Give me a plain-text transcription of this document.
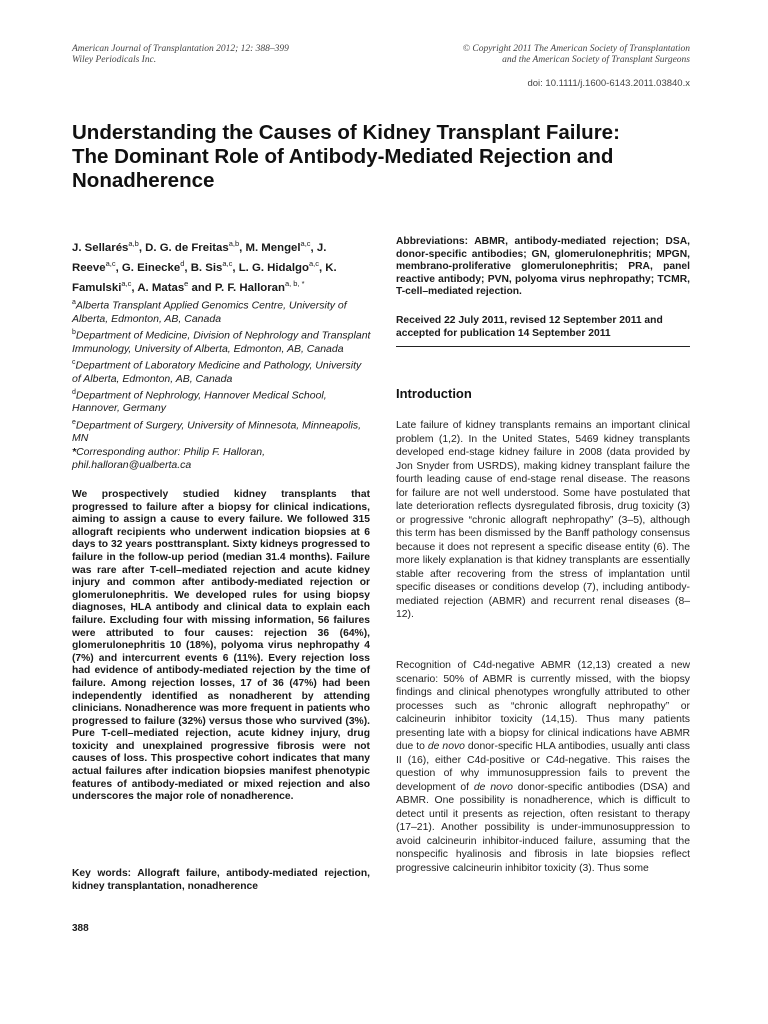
American Journal of Transplantation 2012; 12: 388–399
Wiley Periodicals Inc.
© Copyright 2011 The American Society of Transplantation
and the American Society of Transplant Surgeons
doi: 10.1111/j.1600-6143.2011.03840.x
Understanding the Causes of Kidney Transplant Failure: The Dominant Role of Antibody-Mediated Rejection and Nonadherence
J. Sellarés$^{a,b}$, D. G. de Freitas$^{a,b}$, M. Mengel$^{a,c}$, J. Reeve$^{a,c}$, G. Einecke$^d$, B. Sis$^{a,c}$, L. G. Hidalgo$^{a,c}$, K. Famulski$^{a,c}$, A. Matas$^e$ and P. F. Halloran$^{a, b, *}$

$^a$Alberta Transplant Applied Genomics Centre, University of Alberta, Edmonton, AB, Canada

$^b$Department of Medicine, Division of Nephrology and Transplant Immunology, University of Alberta, Edmonton, AB, Canada

$^c$Department of Laboratory Medicine and Pathology, University of Alberta, Edmonton, AB, Canada

$^d$Department of Nephrology, Hannover Medical School, Hannover, Germany

$^e$Department of Surgery, University of Minnesota, Minneapolis, MN

*Corresponding author: Philip F. Halloran, phil.halloran@ualberta.ca

We prospectively studied kidney transplants that progressed to failure after a biopsy for clinical indications, aiming to assign a cause to every failure. We followed 315 allograft recipients who underwent indication biopsies at 6 days to 32 years posttransplant. Sixty kidneys progressed to failure in the follow-up period (median 31.4 months). Failure was rare after T-cell–mediated rejection and acute kidney injury and common after antibody-mediated rejection or glomerulonephritis. We developed rules for using biopsy diagnoses, HLA antibody and clinical data to explain each failure. Excluding four with missing information, 56 failures were attributed to four causes: rejection 36 (64%), glomerulonephritis 10 (18%), polyoma virus nephropathy 4 (7%) and intercurrent events 6 (11%). Every rejection loss had evidence of antibody-mediated rejection by the time of failure. Among rejection losses, 17 of 36 (47%) had been independently identified as nonadherent by attending clinicians. Nonadherence was more frequent in patients who progressed to failure (32%) versus those who survived (3%). Pure T-cell–mediated rejection, acute kidney injury, drug toxicity and unexplained progressive fibrosis were not causes of loss. This prospective cohort indicates that many actual failures after indication biopsies manifest phenotypic features of antibody-mediated or mixed rejection and also underscores the major role of nonadherence.

Key words: Allograft failure, antibody-mediated rejection, kidney transplantation, nonadherence

388

Abbreviations: ABMR, antibody-mediated rejection; DSA, donor-specific antibodies; GN, glomerulonephritis; MPGN, membrano-proliferative glomerulonephritis; PRA, panel reactive antibody; PVN, polyoma virus nephropathy; TCMR, T-cell–mediated rejection.

Received 22 July 2011, revised 12 September 2011 and accepted for publication 14 September 2011

Introduction

Late failure of kidney transplants remains an important clinical problem (1,2). In the United States, 5469 kidney transplants developed end-stage kidney failure in 2008 (data provided by Jon Snyder from USRDS), making kidney transplant failure the fourth leading cause of end-stage renal disease. The reasons for failure are not well understood. Some have postulated that late deterioration reflects dysregulated fibrosis, drug toxicity (3) or progressive “chronic allograft nephropathy” (3–5), although this term has been dismissed by the Banff pathology consensus because it does not represent a specific disease entity (6). The more likely explanation is that kidney transplants are essentially stable after recovering from the stress of implantation until specific diseases or conditions develop (7), including antibody-mediated rejection (ABMR) and recurrent renal diseases (8–12).

Recognition of C4d-negative ABMR (12,13) created a new scenario: 50% of ABMR is currently missed, with the biopsy findings and clinical phenotypes wrongfully attributed to other processes such as “chronic allograft nephropathy” or calcineurin inhibitor toxicity (14,15). Thus many patients presenting late with a biopsy for clinical indications have ABMR due to de novo donor-specific HLA antibodies, usually anti class II (16), either C4d-positive or C4d-negative. This raises the question of why immunosuppression fails to prevent the development of de novo donor-specific antibodies (DSA) and ABMR. One possibility is nonadherence, which is difficult to detect until it presents as rejection, often resistant to therapy (17–21). Another possibility is under-immunosuppression to avoid calcineurin inhibitor-induced failure, assuming that the nonspecific hyalinosis and fibrosis in late biopsies reflect progressive calcineurin inhibitor toxicity (3). Thus some
